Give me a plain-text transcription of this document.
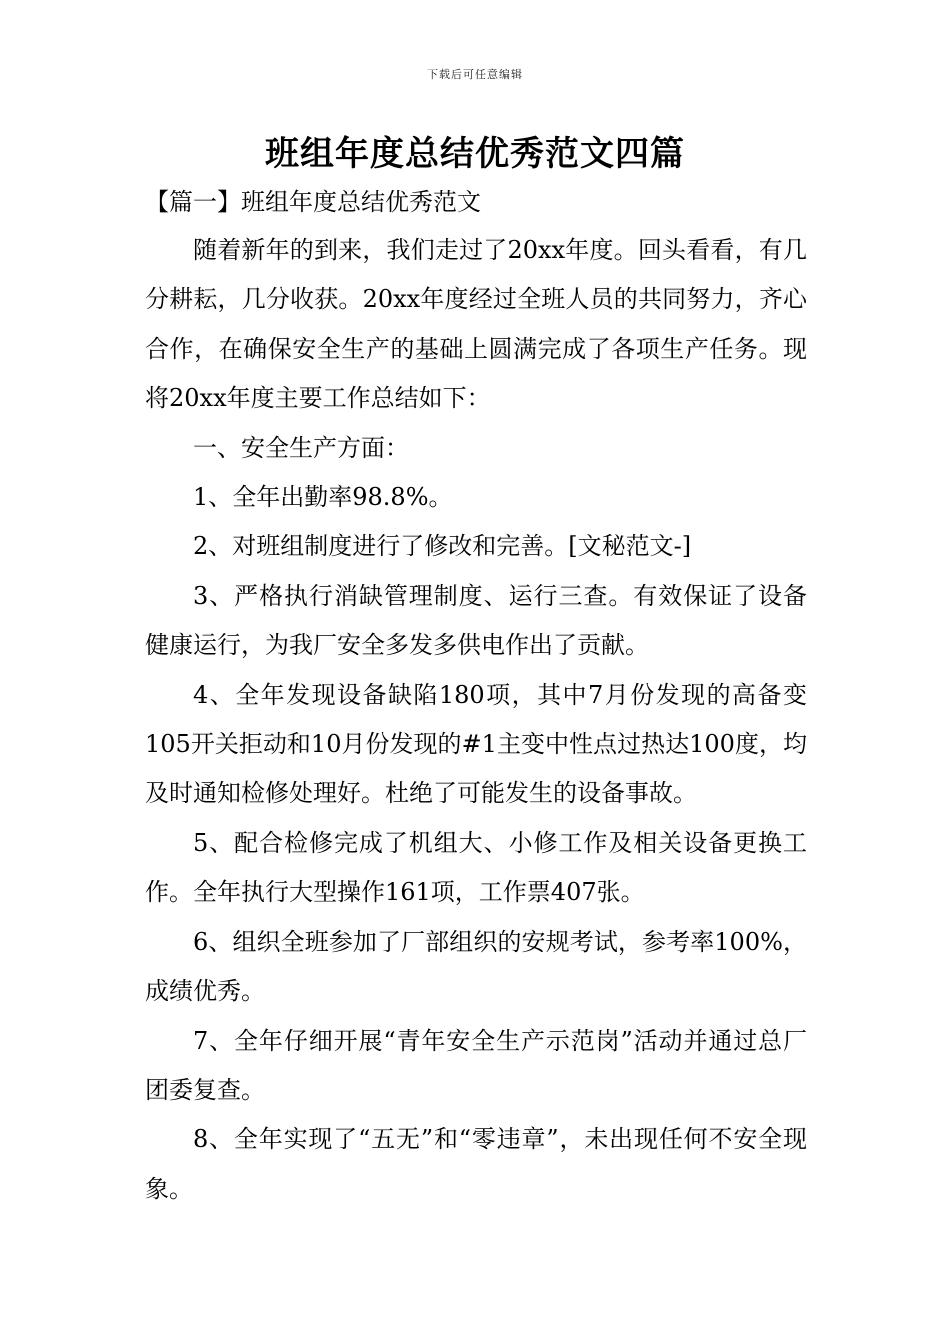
下载后可任意编辑
班组年度总结优秀范文四篇

【篇一】班组年度总结优秀范文

随着新年的到来，我们走过了20xx年度。回头看看，有几分耕耘，几分收获。20xx年度经过全班人员的共同努力，齐心合作，在确保安全生产的基础上圆满完成了各项生产任务。现将20xx年度主要工作总结如下：

一、安全生产方面：

1、全年出勤率98.8%。

2、对班组制度进行了修改和完善。[文秘范文-]

3、严格执行消缺管理制度、运行三查。有效保证了设备健康运行，为我厂安全多发多供电作出了贡献。

4、全年发现设备缺陷180项，其中7月份发现的高备变105开关拒动和10月份发现的#1主变中性点过热达100度，均及时通知检修处理好。杜绝了可能发生的设备事故。

5、配合检修完成了机组大、小修工作及相关设备更换工作。全年执行大型操作161项，工作票407张。

6、组织全班参加了厂部组织的安规考试，参考率100%，成绩优秀。

7、全年仔细开展“青年安全生产示范岗”活动并通过总厂团委复查。

8、全年实现了“五无”和“零违章”，未出现任何不安全现象。
